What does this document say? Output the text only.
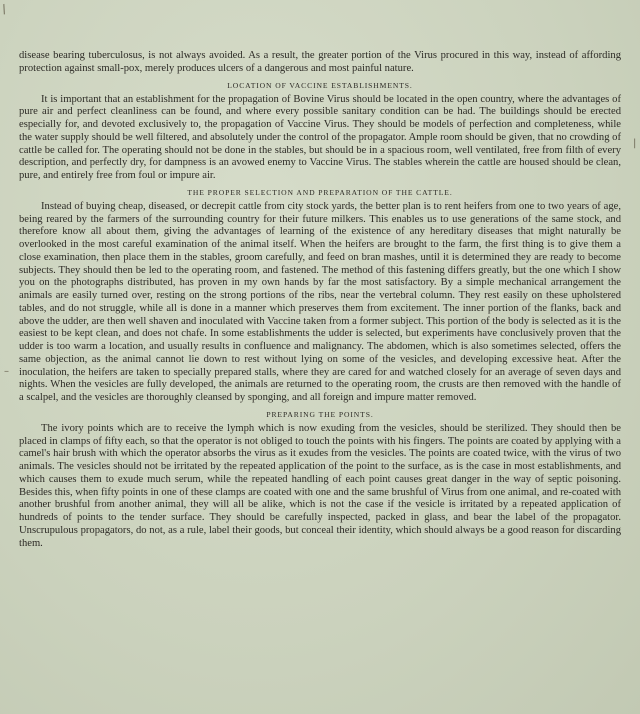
/
–
|

disease bearing tuberculosus, is not always avoided. As a result, the greater portion of the Virus procured in this way, instead of affording protection against small-pox, merely produces ulcers of a dangerous and most painful nature.

LOCATION OF VACCINE ESTABLISHMENTS.

It is important that an establishment for the propagation of Bovine Virus should be located in the open country, where the advantages of pure air and perfect cleanliness can be found, and where every possible sanitary condition can be had. The buildings should be erected especially for, and devoted exclusively to, the propagation of Vaccine Virus. They should be models of perfection and completeness, while the water supply should be well filtered, and absolutely under the control of the propagator. Ample room should be given, that no crowding of cattle be called for. The operating should not be done in the stables, but should be in a spacious room, well ventilated, free from filth of every description, and perfectly dry, for dampness is an avowed enemy to Vaccine Virus. The stables wherein the cattle are housed should be clean, pure, and entirely free from foul or impure air.

THE PROPER SELECTION AND PREPARATION OF THE CATTLE.

Instead of buying cheap, diseased, or decrepit cattle from city stock yards, the better plan is to rent heifers from one to two years of age, being reared by the farmers of the surrounding country for their future milkers. This enables us to use generations of the same stock, and therefore know all about them, giving the advantages of learning of the existence of any hereditary diseases that might naturally be overlooked in the most careful examination of the animal itself. When the heifers are brought to the farm, the first thing is to give them a close examination, then place them in the stables, groom carefully, and feed on bran mashes, until it is determined they are ready to become subjects. They should then be led to the operating room, and fastened. The method of this fastening differs greatly, but the one which I show you on the photographs distributed, has proven in my own hands by far the most satisfactory. By a simple mechanical arrangement the animals are easily turned over, resting on the strong portions of the ribs, near the vertebral column. They rest easily on these upholstered tables, and do not struggle, while all is done in a manner which preserves them from excitement. The inner portion of the flanks, back and above the udder, are then well shaven and inoculated with Vaccine taken from a former subject. This portion of the body is selected as it is the easiest to be kept clean, and does not chafe. In some establishments the udder is selected, but experiments have conclusively proven that the udder is too warm a location, and usually results in confluence and malignancy. The abdomen, which is also sometimes selected, offers the same objection, as the animal cannot lie down to rest without lying on some of the vesicles, and developing excessive heat. After the inoculation, the heifers are taken to specially prepared stalls, where they are cared for and watched closely for an average of seven days and nights. When the vesicles are fully developed, the animals are returned to the operating room, the crusts are then removed with the handle of a scalpel, and the vesicles are thoroughly cleansed by sponging, and all foreign and impure matter removed.

PREPARING THE POINTS.

The ivory points which are to receive the lymph which is now exuding from the vesicles, should be sterilized. They should then be placed in clamps of fifty each, so that the operator is not obliged to touch the points with his fingers. The points are coated by applying with a camel's hair brush with which the operator absorbs the virus as it exudes from the vesicles. The points are coated twice, with the virus of two animals. The vesicles should not be irritated by the repeated application of the point to the surface, as is the case in most establishments, and which causes them to exude much serum, while the repeated handling of each point causes great danger in the way of septic poisoning. Besides this, when fifty points in one of these clamps are coated with one and the same brushful of Virus from one animal, and re-coated with another brushful from another animal, they will all be alike, which is not the case if the vesicle is irritated by a repeated application of hundreds of points to the tender surface. They should be carefully inspected, packed in glass, and bear the label of the propagator. Unscrupulous propagators, do not, as a rule, label their goods, but conceal their identity, which should always be a good reason for discarding them.
